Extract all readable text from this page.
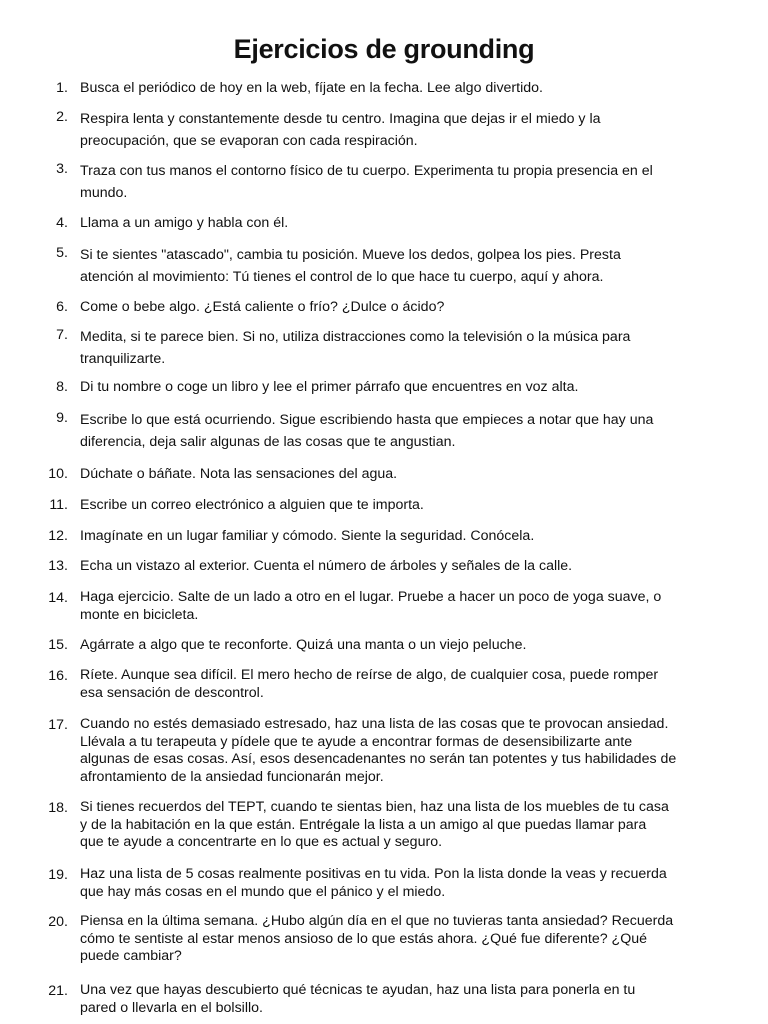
Ejercicios de grounding
1. Busca el periódico de hoy en la web, fíjate en la fecha. Lee algo divertido.
2. Respira lenta y constantemente desde tu centro. Imagina que dejas ir el miedo y la
preocupación, que se evaporan con cada respiración.
3. Traza con tus manos el contorno físico de tu cuerpo. Experimenta tu propia presencia en el
mundo.
4. Llama a un amigo y habla con él.
5. Si te sientes "atascado", cambia tu posición. Mueve los dedos, golpea los pies. Presta
atención al movimiento: Tú tienes el control de lo que hace tu cuerpo, aquí y ahora.
6. Come o bebe algo. ¿Está caliente o frío? ¿Dulce o ácido?
7. Medita, si te parece bien. Si no, utiliza distracciones como la televisión o la música para
tranquilizarte.
8. Di tu nombre o coge un libro y lee el primer párrafo que encuentres en voz alta.
9. Escribe lo que está ocurriendo. Sigue escribiendo hasta que empieces a notar que hay una
diferencia, deja salir algunas de las cosas que te angustian.
10. Dúchate o báñate. Nota las sensaciones del agua.
11. Escribe un correo electrónico a alguien que te importa.
12. Imagínate en un lugar familiar y cómodo. Siente la seguridad. Conócela.
13. Echa un vistazo al exterior. Cuenta el número de árboles y señales de la calle.
14. Haga ejercicio. Salte de un lado a otro en el lugar. Pruebe a hacer un poco de yoga suave, o
monte en bicicleta.
15. Agárrate a algo que te reconforte. Quizá una manta o un viejo peluche.
16. Ríete. Aunque sea difícil. El mero hecho de reírse de algo, de cualquier cosa, puede romper
esa sensación de descontrol.
17. Cuando no estés demasiado estresado, haz una lista de las cosas que te provocan ansiedad.
Llévala a tu terapeuta y pídele que te ayude a encontrar formas de desensibilizarte ante
algunas de esas cosas. Así, esos desencadenantes no serán tan potentes y tus habilidades de
afrontamiento de la ansiedad funcionarán mejor.
18. Si tienes recuerdos del TEPT, cuando te sientas bien, haz una lista de los muebles de tu casa
y de la habitación en la que están. Entrégale la lista a un amigo al que puedas llamar para
que te ayude a concentrarte en lo que es actual y seguro.
19. Haz una lista de 5 cosas realmente positivas en tu vida. Pon la lista donde la veas y recuerda
que hay más cosas en el mundo que el pánico y el miedo.
20. Piensa en la última semana. ¿Hubo algún día en el que no tuvieras tanta ansiedad? Recuerda
cómo te sentiste al estar menos ansioso de lo que estás ahora. ¿Qué fue diferente? ¿Qué
puede cambiar?
21. Una vez que hayas descubierto qué técnicas te ayudan, haz una lista para ponerla en tu
pared o llevarla en el bolsillo.
